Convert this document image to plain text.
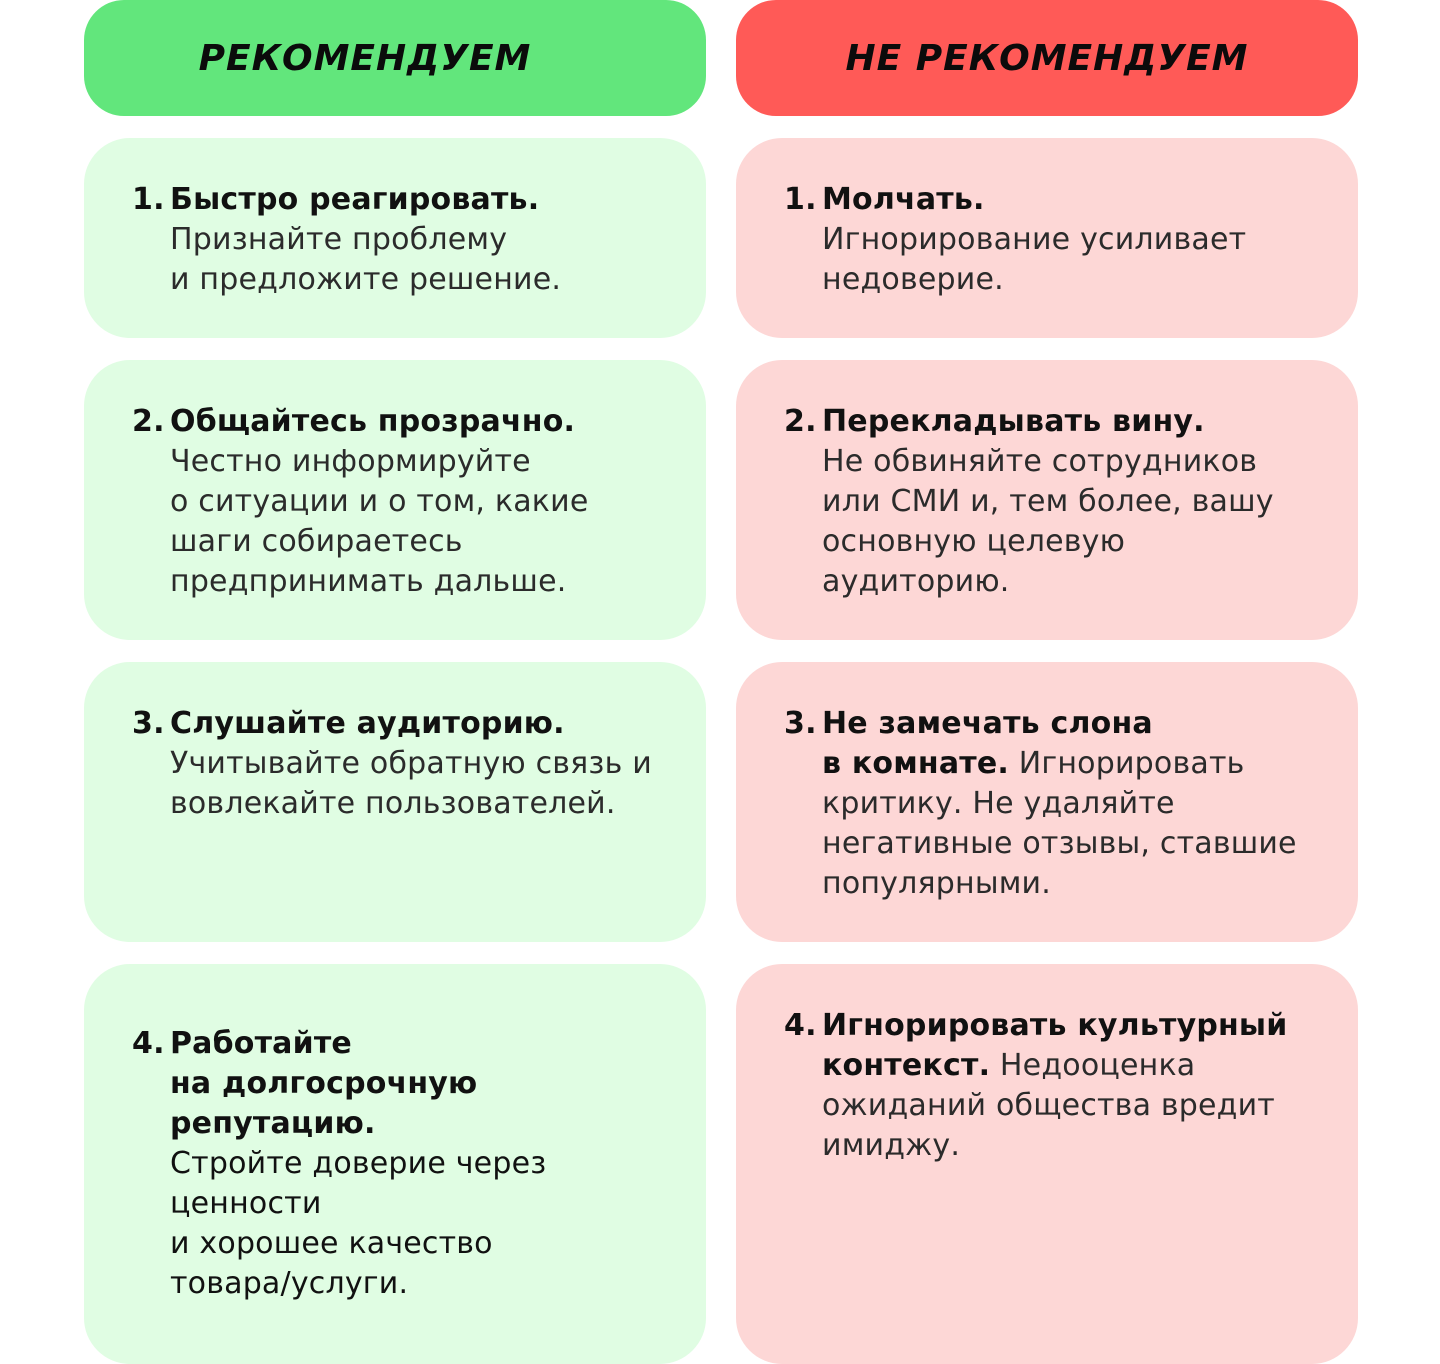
РЕКОМЕНДУЕМ	НЕ РЕКОМЕНДУЕМ
1. Быстро реагировать.
Признайте проблему
и предложите решение.
2. Общайтесь прозрачно.
Честно информируйте
о ситуации и о том, какие
шаги собираетесь
предпринимать дальше.
3. Слушайте аудиторию.
Учитывайте обратную связь и
вовлекайте пользователей.
4. Работайте
на долгосрочную
репутацию.
Стройте доверие через
ценности
и хорошее качество
товара/услуги.
1. Молчать.
Игнорирование усиливает
недоверие.
2. Перекладывать вину.
Не обвиняйте сотрудников
или СМИ и, тем более, вашу
основную целевую
аудиторию.
3. Не замечать слона
в комнате. Игнорировать
критику. Не удаляйте
негативные отзывы, ставшие
популярными.
4. Игнорировать культурный
контекст. Недооценка
ожиданий общества вредит
имиджу.
